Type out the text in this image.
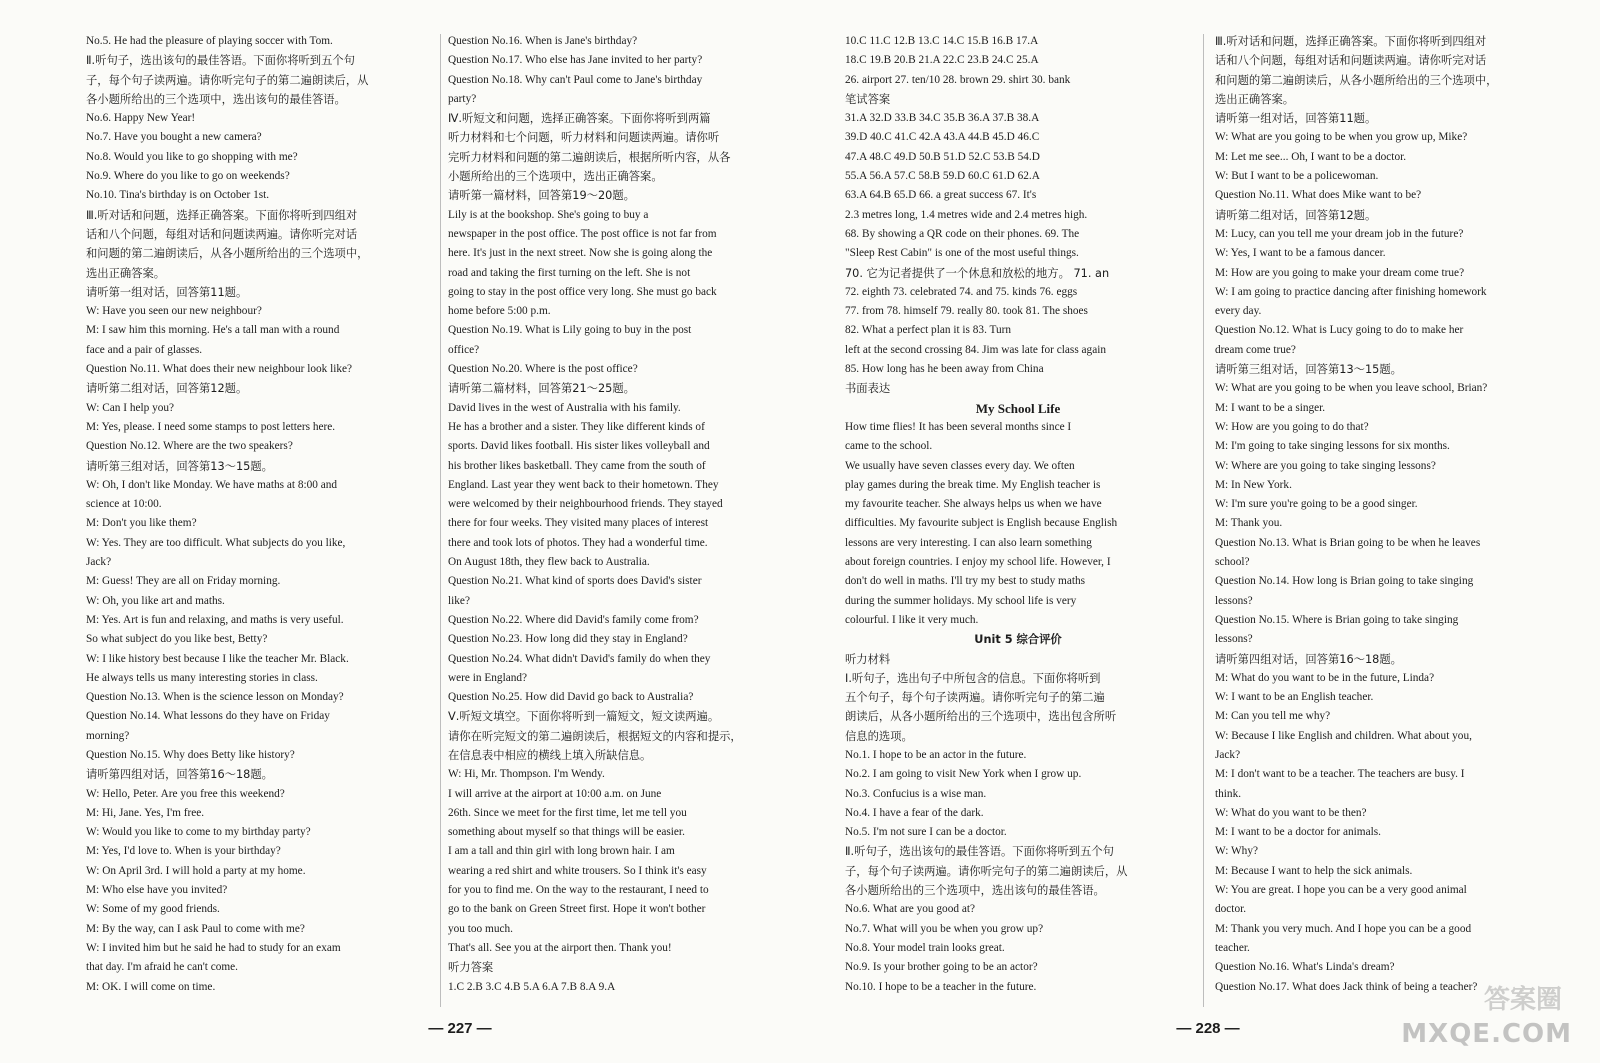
No.5. He had the pleasure of playing soccer with Tom.
Ⅱ.听句子，选出该句的最佳答语。下面你将听到五个句
子，每个句子读两遍。请你听完句子的第二遍朗读后，从
各小题所给出的三个选项中，选出该句的最佳答语。
No.6. Happy New Year!
No.7. Have you bought a new camera?
No.8. Would you like to go shopping with me?
No.9. Where do you like to go on weekends?
No.10. Tina's birthday is on October 1st.
Ⅲ.听对话和问题，选择正确答案。下面你将听到四组对
话和八个问题，每组对话和问题读两遍。请你听完对话
和问题的第二遍朗读后，从各小题所给出的三个选项中，
选出正确答案。
请听第一组对话，回答第11题。
W: Have you seen our new neighbour?
M: I saw him this morning. He's a tall man with a round
face and a pair of glasses.
Question No.11. What does their new neighbour look like?
请听第二组对话，回答第12题。
W: Can I help you?
M: Yes, please. I need some stamps to post letters here.
Question No.12. Where are the two speakers?
请听第三组对话，回答第13～15题。
W: Oh, I don't like Monday. We have maths at 8:00 and
science at 10:00.
M: Don't you like them?
W: Yes. They are too difficult. What subjects do you like,
Jack?
M: Guess! They are all on Friday morning.
W: Oh, you like art and maths.
M: Yes. Art is fun and relaxing, and maths is very useful.
So what subject do you like best, Betty?
W: I like history best because I like the teacher Mr. Black.
He always tells us many interesting stories in class.
Question No.13. When is the science lesson on Monday?
Question No.14. What lessons do they have on Friday
morning?
Question No.15. Why does Betty like history?
请听第四组对话，回答第16～18题。
W: Hello, Peter. Are you free this weekend?
M: Hi, Jane. Yes, I'm free.
W: Would you like to come to my birthday party?
M: Yes, I'd love to. When is your birthday?
W: On April 3rd. I will hold a party at my home.
M: Who else have you invited?
W: Some of my good friends.
M: By the way, can I ask Paul to come with me?
W: I invited him but he said he had to study for an exam
that day. I'm afraid he can't come.
M: OK. I will come on time.
Question No.16. When is Jane's birthday?
Question No.17. Who else has Jane invited to her party?
Question No.18. Why can't Paul come to Jane's birthday
party?
Ⅳ.听短文和问题，选择正确答案。下面你将听到两篇
听力材料和七个问题，听力材料和问题读两遍。请你听
完听力材料和问题的第二遍朗读后，根据所听内容，从各
小题所给出的三个选项中，选出正确答案。
请听第一篇材料，回答第19～20题。
Lily is at the bookshop. She's going to buy a
newspaper in the post office. The post office is not far from
here. It's just in the next street. Now she is going along the
road and taking the first turning on the left. She is not
going to stay in the post office very long. She must go back
home before 5:00 p.m.
Question No.19. What is Lily going to buy in the post
office?
Question No.20. Where is the post office?
请听第二篇材料，回答第21～25题。
David lives in the west of Australia with his family.
He has a brother and a sister. They like different kinds of
sports. David likes football. His sister likes volleyball and
his brother likes basketball. They came from the south of
England. Last year they went back to their hometown. They
were welcomed by their neighbourhood friends. They stayed
there for four weeks. They visited many places of interest
there and took lots of photos. They had a wonderful time.
On August 18th, they flew back to Australia.
Question No.21. What kind of sports does David's sister
like?
Question No.22. Where did David's family come from?
Question No.23. How long did they stay in England?
Question No.24. What didn't David's family do when they
were in England?
Question No.25. How did David go back to Australia?
Ⅴ.听短文填空。下面你将听到一篇短文，短文读两遍。
请你在听完短文的第二遍朗读后，根据短文的内容和提示，
在信息表中相应的横线上填入所缺信息。
W: Hi, Mr. Thompson. I'm Wendy.
I will arrive at the airport at 10:00 a.m. on June
26th. Since we meet for the first time, let me tell you
something about myself so that things will be easier.
I am a tall and thin girl with long brown hair. I am
wearing a red shirt and white trousers. So I think it's easy
for you to find me. On the way to the restaurant, I need to
go to the bank on Green Street first. Hope it won't bother
you too much.
That's all. See you at the airport then. Thank you!
听力答案
1.C 2.B 3.C 4.B 5.A 6.A 7.B 8.A 9.A
10.C 11.C 12.B 13.C 14.C 15.B 16.B 17.A
18.C 19.B 20.B 21.A 22.C 23.B 24.C 25.A
26. airport 27. ten/10 28. brown 29. shirt 30. bank
笔试答案
31.A 32.D 33.B 34.C 35.B 36.A 37.B 38.A
39.D 40.C 41.C 42.A 43.A 44.B 45.D 46.C
47.A 48.C 49.D 50.B 51.D 52.C 53.B 54.D
55.A 56.A 57.C 58.B 59.D 60.C 61.D 62.A
63.A 64.B 65.D 66. a great success 67. It's
2.3 metres long, 1.4 metres wide and 2.4 metres high.
68. By showing a QR code on their phones. 69. The
"Sleep Rest Cabin" is one of the most useful things.
70. 它为记者提供了一个休息和放松的地方。 71. an
72. eighth 73. celebrated 74. and 75. kinds 76. eggs
77. from 78. himself 79. really 80. took 81. The shoes
82. What a perfect plan it is 83. Turn
left at the second crossing 84. Jim was late for class again
85. How long has he been away from China
书面表达
My School Life
How time flies! It has been several months since I
came to the school.
We usually have seven classes every day. We often
play games during the break time. My English teacher is
my favourite teacher. She always helps us when we have
difficulties. My favourite subject is English because English
lessons are very interesting. I can also learn something
about foreign countries. I enjoy my school life. However, I
don't do well in maths. I'll try my best to study maths
during the summer holidays. My school life is very
colourful. I like it very much.
Unit 5 综合评价
听力材料
Ⅰ.听句子，选出句子中所包含的信息。下面你将听到
五个句子，每个句子读两遍。请你听完句子的第二遍
朗读后，从各小题所给出的三个选项中，选出包含所听
信息的选项。
No.1. I hope to be an actor in the future.
No.2. I am going to visit New York when I grow up.
No.3. Confucius is a wise man.
No.4. I have a fear of the dark.
No.5. I'm not sure I can be a doctor.
Ⅱ.听句子，选出该句的最佳答语。下面你将听到五个句
子，每个句子读两遍。请你听完句子的第二遍朗读后，从
各小题所给出的三个选项中，选出该句的最佳答语。
No.6. What are you good at?
No.7. What will you be when you grow up?
No.8. Your model train looks great.
No.9. Is your brother going to be an actor?
No.10. I hope to be a teacher in the future.
Ⅲ.听对话和问题，选择正确答案。下面你将听到四组对
话和八个问题，每组对话和问题读两遍。请你听完对话
和问题的第二遍朗读后，从各小题所给出的三个选项中，
选出正确答案。
请听第一组对话，回答第11题。
W: What are you going to be when you grow up, Mike?
M: Let me see... Oh, I want to be a doctor.
W: But I want to be a policewoman.
Question No.11. What does Mike want to be?
请听第二组对话，回答第12题。
M: Lucy, can you tell me your dream job in the future?
W: Yes, I want to be a famous dancer.
M: How are you going to make your dream come true?
W: I am going to practice dancing after finishing homework
every day.
Question No.12. What is Lucy going to do to make her
dream come true?
请听第三组对话，回答第13～15题。
W: What are you going to be when you leave school, Brian?
M: I want to be a singer.
W: How are you going to do that?
M: I'm going to take singing lessons for six months.
W: Where are you going to take singing lessons?
M: In New York.
W: I'm sure you're going to be a good singer.
M: Thank you.
Question No.13. What is Brian going to be when he leaves
school?
Question No.14. How long is Brian going to take singing
lessons?
Question No.15. Where is Brian going to take singing
lessons?
请听第四组对话，回答第16～18题。
M: What do you want to be in the future, Linda?
W: I want to be an English teacher.
M: Can you tell me why?
W: Because I like English and children. What about you,
Jack?
M: I don't want to be a teacher. The teachers are busy. I
think.
W: What do you want to be then?
M: I want to be a doctor for animals.
W: Why?
M: Because I want to help the sick animals.
W: You are great. I hope you can be a very good animal
doctor.
M: Thank you very much. And I hope you can be a good
teacher.
Question No.16. What's Linda's dream?
Question No.17. What does Jack think of being a teacher?
— 227 —	— 228 —
答案圈
MXQE.COM
